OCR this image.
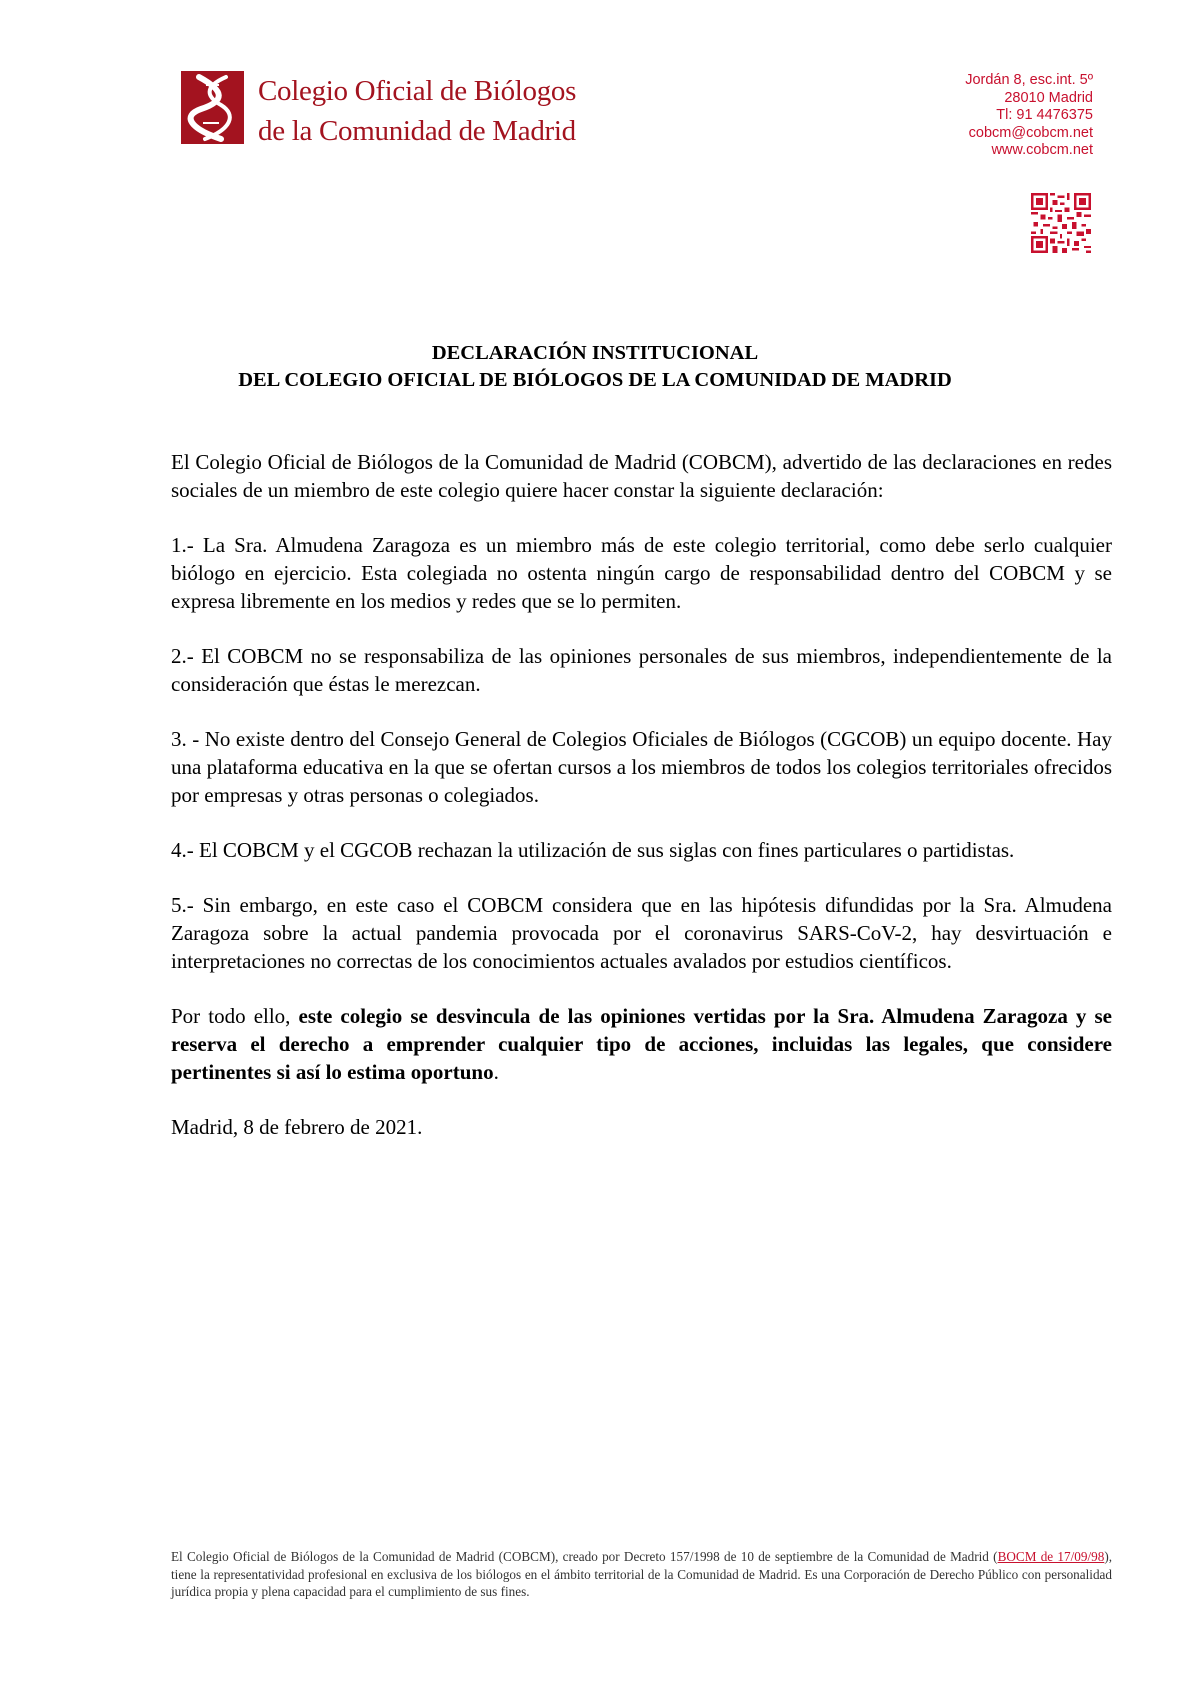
Colegio Oficial de Biólogos
de la Comunidad de Madrid
Jordán 8, esc.int. 5º
28010 Madrid
Tl: 91 4476375
cobcm@cobcm.net
www.cobcm.net
DECLARACIÓN INSTITUCIONAL
DEL COLEGIO OFICIAL DE BIÓLOGOS DE LA COMUNIDAD DE MADRID

El Colegio Oficial de Biólogos de la Comunidad de Madrid (COBCM), advertido de las declaraciones en redes sociales de un miembro de este colegio quiere hacer constar la siguiente declaración:

1.- La Sra. Almudena Zaragoza es un miembro más de este colegio territorial, como debe serlo cualquier biólogo en ejercicio. Esta colegiada no ostenta ningún cargo de responsabilidad dentro del COBCM y se expresa libremente en los medios y redes que se lo permiten.

2.- El COBCM no se responsabiliza de las opiniones personales de sus miembros, independientemente de la consideración que éstas le merezcan.

3. - No existe dentro del Consejo General de Colegios Oficiales de Biólogos (CGCOB) un equipo docente. Hay una plataforma educativa en la que se ofertan cursos a los miembros de todos los colegios territoriales ofrecidos por empresas y otras personas o colegiados.

4.- El COBCM y el CGCOB rechazan la utilización de sus siglas con fines particulares o partidistas.

5.- Sin embargo, en este caso el COBCM considera que en las hipótesis difundidas por la Sra. Almudena Zaragoza sobre la actual pandemia provocada por el coronavirus SARS-CoV-2, hay desvirtuación e interpretaciones no correctas de los conocimientos actuales avalados por estudios científicos.

Por todo ello, este colegio se desvincula de las opiniones vertidas por la Sra. Almudena Zaragoza y se reserva el derecho a emprender cualquier tipo de acciones, incluidas las legales, que considere pertinentes si así lo estima oportuno.

Madrid, 8 de febrero de 2021.

El Colegio Oficial de Biólogos de la Comunidad de Madrid (COBCM), creado por Decreto 157/1998 de 10 de septiembre de la Comunidad de Madrid (BOCM de 17/09/98), tiene la representatividad profesional en exclusiva de los biólogos en el ámbito territorial de la Comunidad de Madrid. Es una Corporación de Derecho Público con personalidad jurídica propia y plena capacidad para el cumplimiento de sus fines.
